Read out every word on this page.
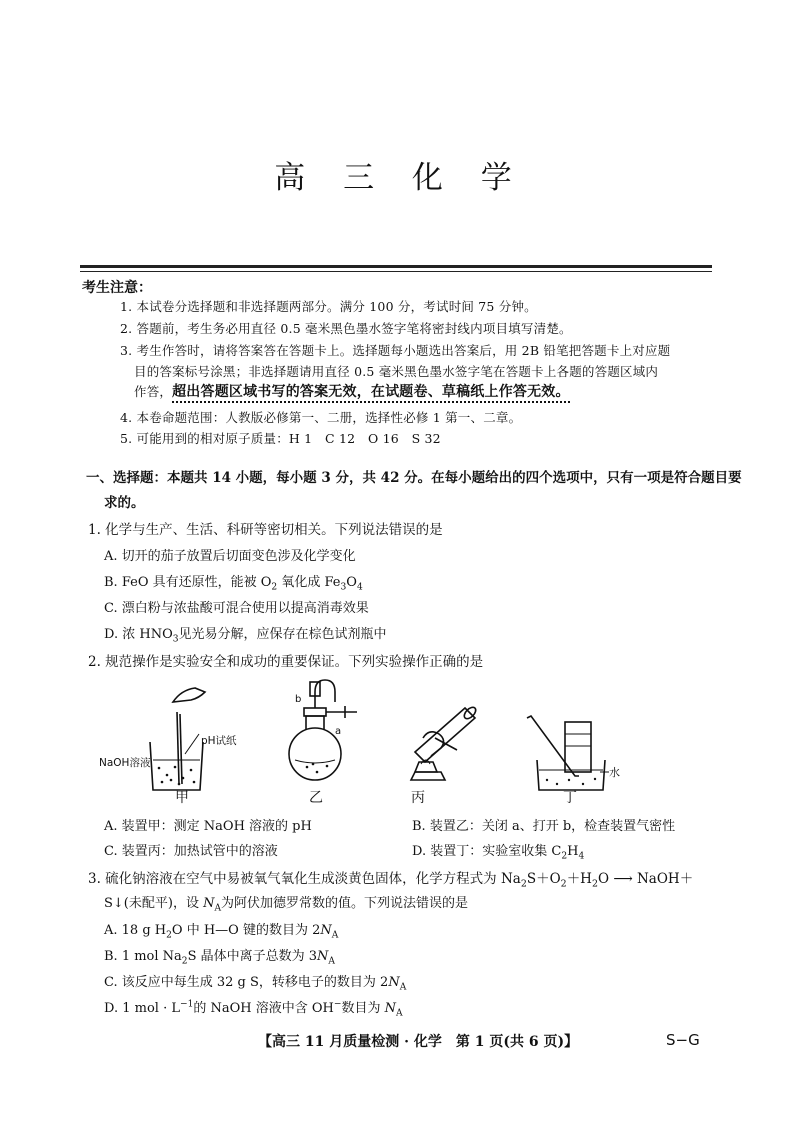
高 三 化 学
考生注意：
1. 本试卷分选择题和非选择题两部分。满分 100 分，考试时间 75 分钟。
2. 答题前，考生务必用直径 0.5 毫米黑色墨水签字笔将密封线内项目填写清楚。
3. 考生作答时，请将答案答在答题卡上。选择题每小题选出答案后，用 2B 铅笔把答题卡上对应题
目的答案标号涂黑；非选择题请用直径 0.5 毫米黑色墨水签字笔在答题卡上各题的答题区域内
作答，超出答题区域书写的答案无效，在试题卷、草稿纸上作答无效。
4. 本卷命题范围：人教版必修第一、二册，选择性必修 1 第一、二章。
5. 可能用到的相对原子质量：H 1　C 12　O 16　S 32
一、选择题：本题共 14 小题，每小题 3 分，共 42 分。在每小题给出的四个选项中，只有一项是符合题目要
求的。
1. 化学与生产、生活、科研等密切相关。下列说法错误的是
A. 切开的茄子放置后切面变色涉及化学变化
B. FeO 具有还原性，能被 $O_2$ 氧化成 $Fe_3O_4$
C. 漂白粉与浓盐酸可混合使用以提高消毒效果
D. 浓 $HNO_3$见光易分解，应保存在棕色试剂瓶中
2. 规范操作是实验安全和成功的重要保证。下列实验操作正确的是
NaOH溶液
pH试纸
甲
b
a
乙	丙
水
丁
A. 装置甲：测定 NaOH 溶液的 pH	B. 装置乙：关闭 a、打开 b，检查装置气密性
C. 装置丙：加热试管中的溶液	D. 装置丁：实验室收集 $C_2H_4$
3. 硫化钠溶液在空气中易被氧气氧化生成淡黄色固体，化学方程式为 $Na_2S+O_2+H_2O$ ⟶ NaOH＋
S↓(未配平)，设 $N_A$为阿伏加德罗常数的值。下列说法错误的是
A. 18 g $H_2O$ 中 H—O 键的数目为 $2N_A$
B. 1 mol $Na_2S$ 晶体中离子总数为 $3N_A$
C. 该反应中每生成 32 g S，转移电子的数目为 $2N_A$
D. 1 mol · $L^{-1}$的 NaOH 溶液中含 OH−数目为 $N_A$
【高三 11 月质量检测 · 化学　第 1 页(共 6 页)】	S−G
